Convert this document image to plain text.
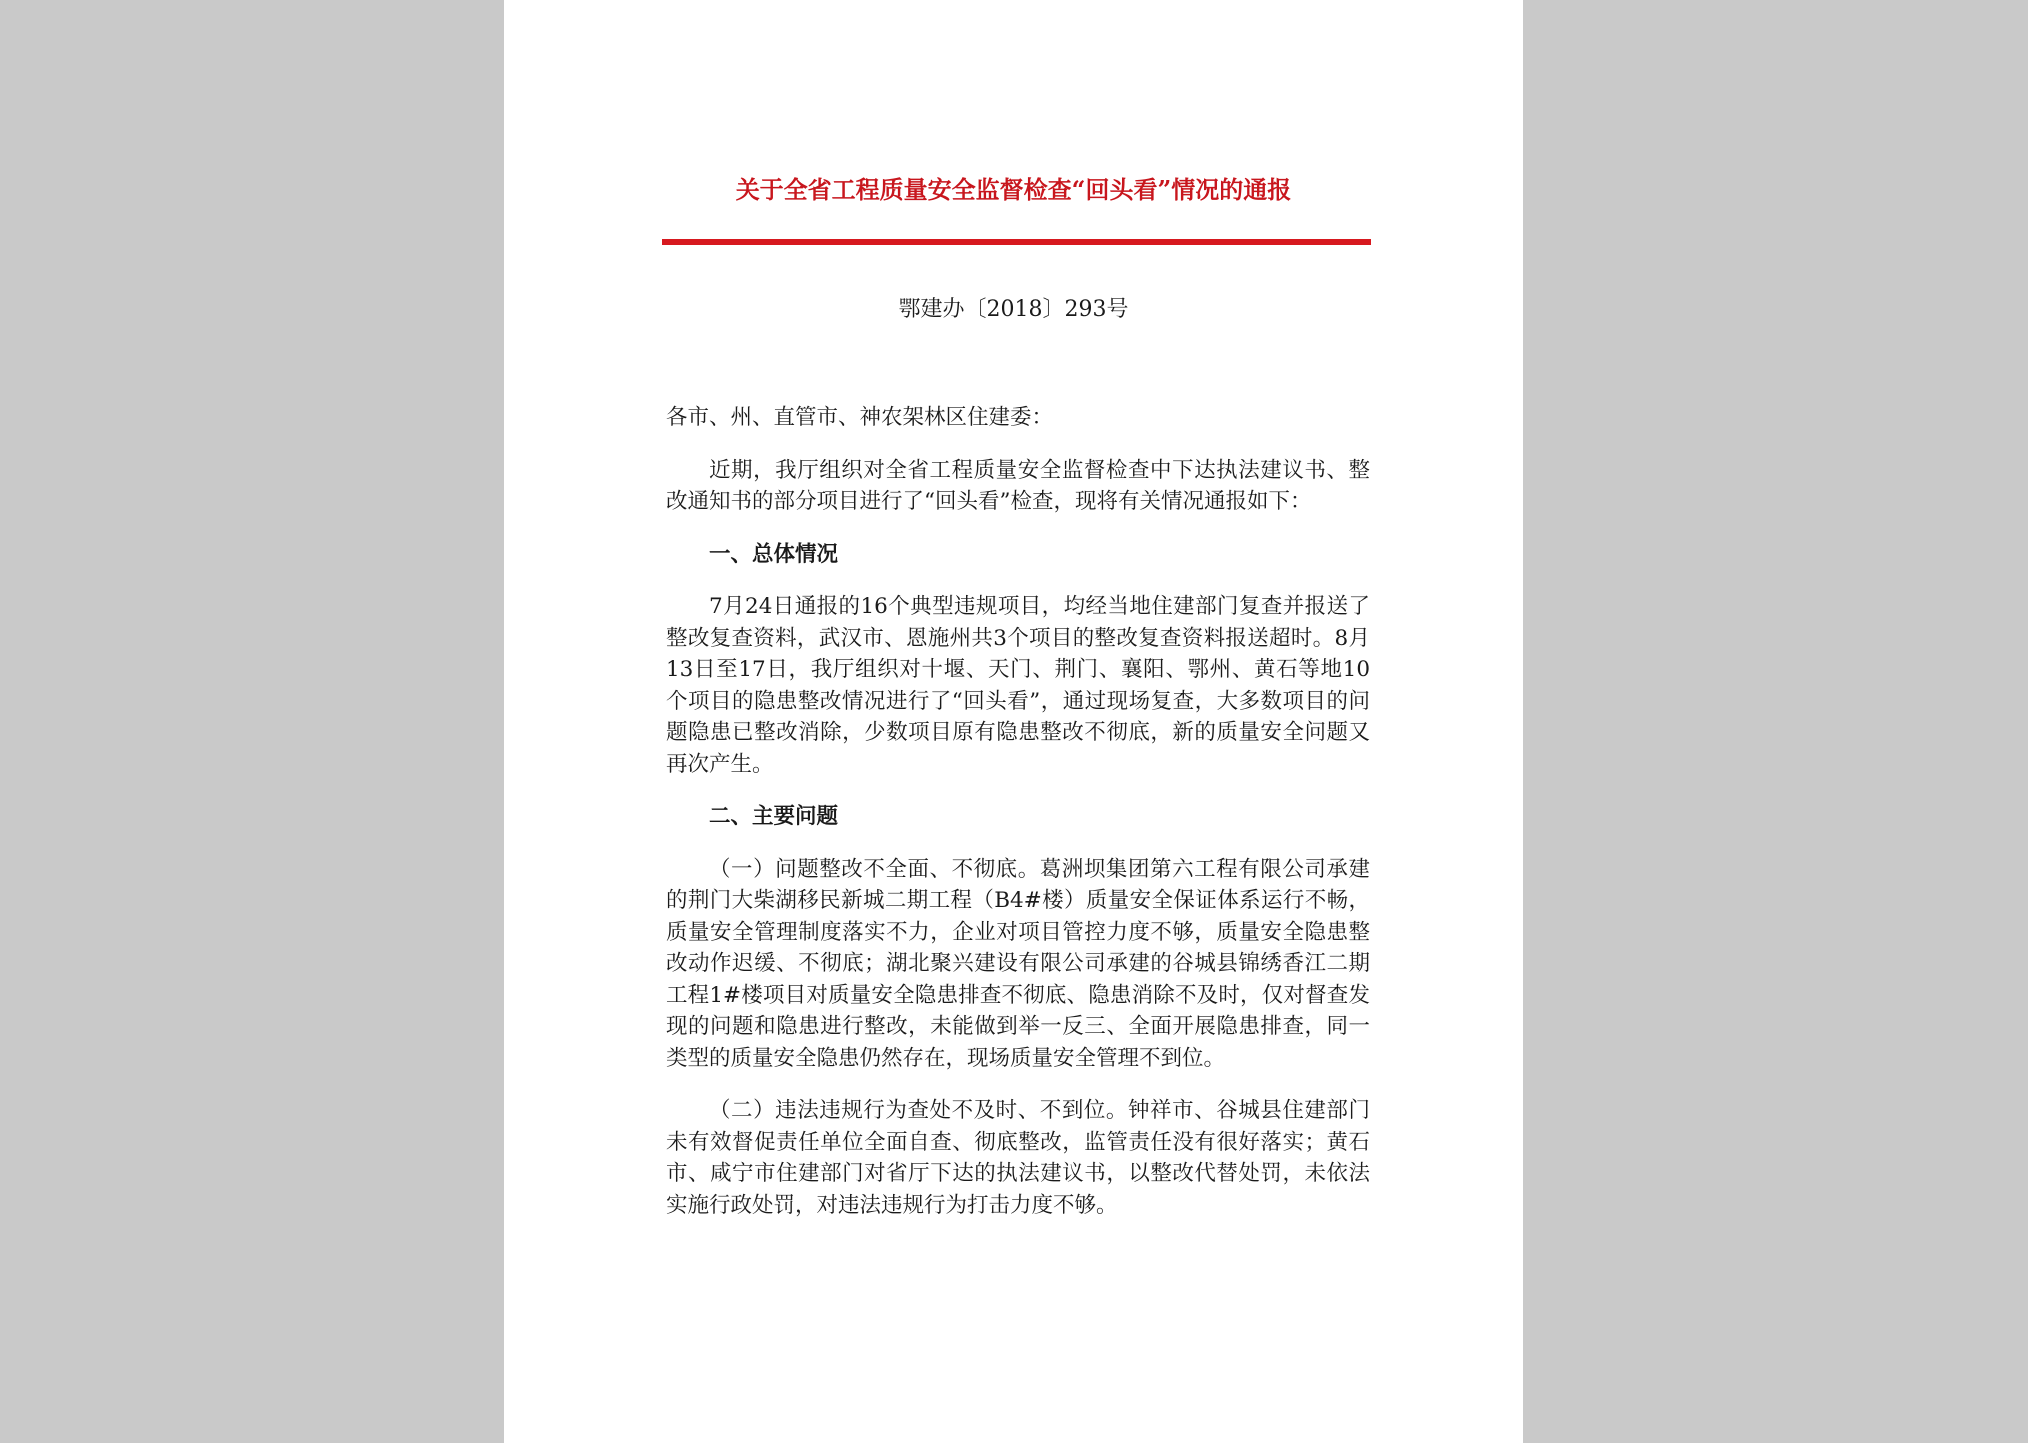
关于全省工程质量安全监督检查“回头看”情况的通报
鄂建办〔2018〕293号

各市、州、直管市、神农架林区住建委：

近期，我厅组织对全省工程质量安全监督检查中下达执法建议书、整改通知书的部分项目进行了“回头看”检查，现将有关情况通报如下：

一、总体情况

7月24日通报的16个典型违规项目，均经当地住建部门复查并报送了整改复查资料，武汉市、恩施州共3个项目的整改复查资料报送超时。8月13日至17日，我厅组织对十堰、天门、荆门、襄阳、鄂州、黄石等地10个项目的隐患整改情况进行了“回头看”，通过现场复查，大多数项目的问题隐患已整改消除，少数项目原有隐患整改不彻底，新的质量安全问题又再次产生。

二、主要问题

（一）问题整改不全面、不彻底。葛洲坝集团第六工程有限公司承建的荆门大柴湖移民新城二期工程（B4#楼）质量安全保证体系运行不畅，质量安全管理制度落实不力，企业对项目管控力度不够，质量安全隐患整改动作迟缓、不彻底；湖北聚兴建设有限公司承建的谷城县锦绣香江二期工程1#楼项目对质量安全隐患排查不彻底、隐患消除不及时，仅对督查发现的问题和隐患进行整改，未能做到举一反三、全面开展隐患排查，同一类型的质量安全隐患仍然存在，现场质量安全管理不到位。

（二）违法违规行为查处不及时、不到位。钟祥市、谷城县住建部门未有效督促责任单位全面自查、彻底整改，监管责任没有很好落实；黄石市、咸宁市住建部门对省厅下达的执法建议书，以整改代替处罚，未依法实施行政处罚，对违法违规行为打击力度不够。
